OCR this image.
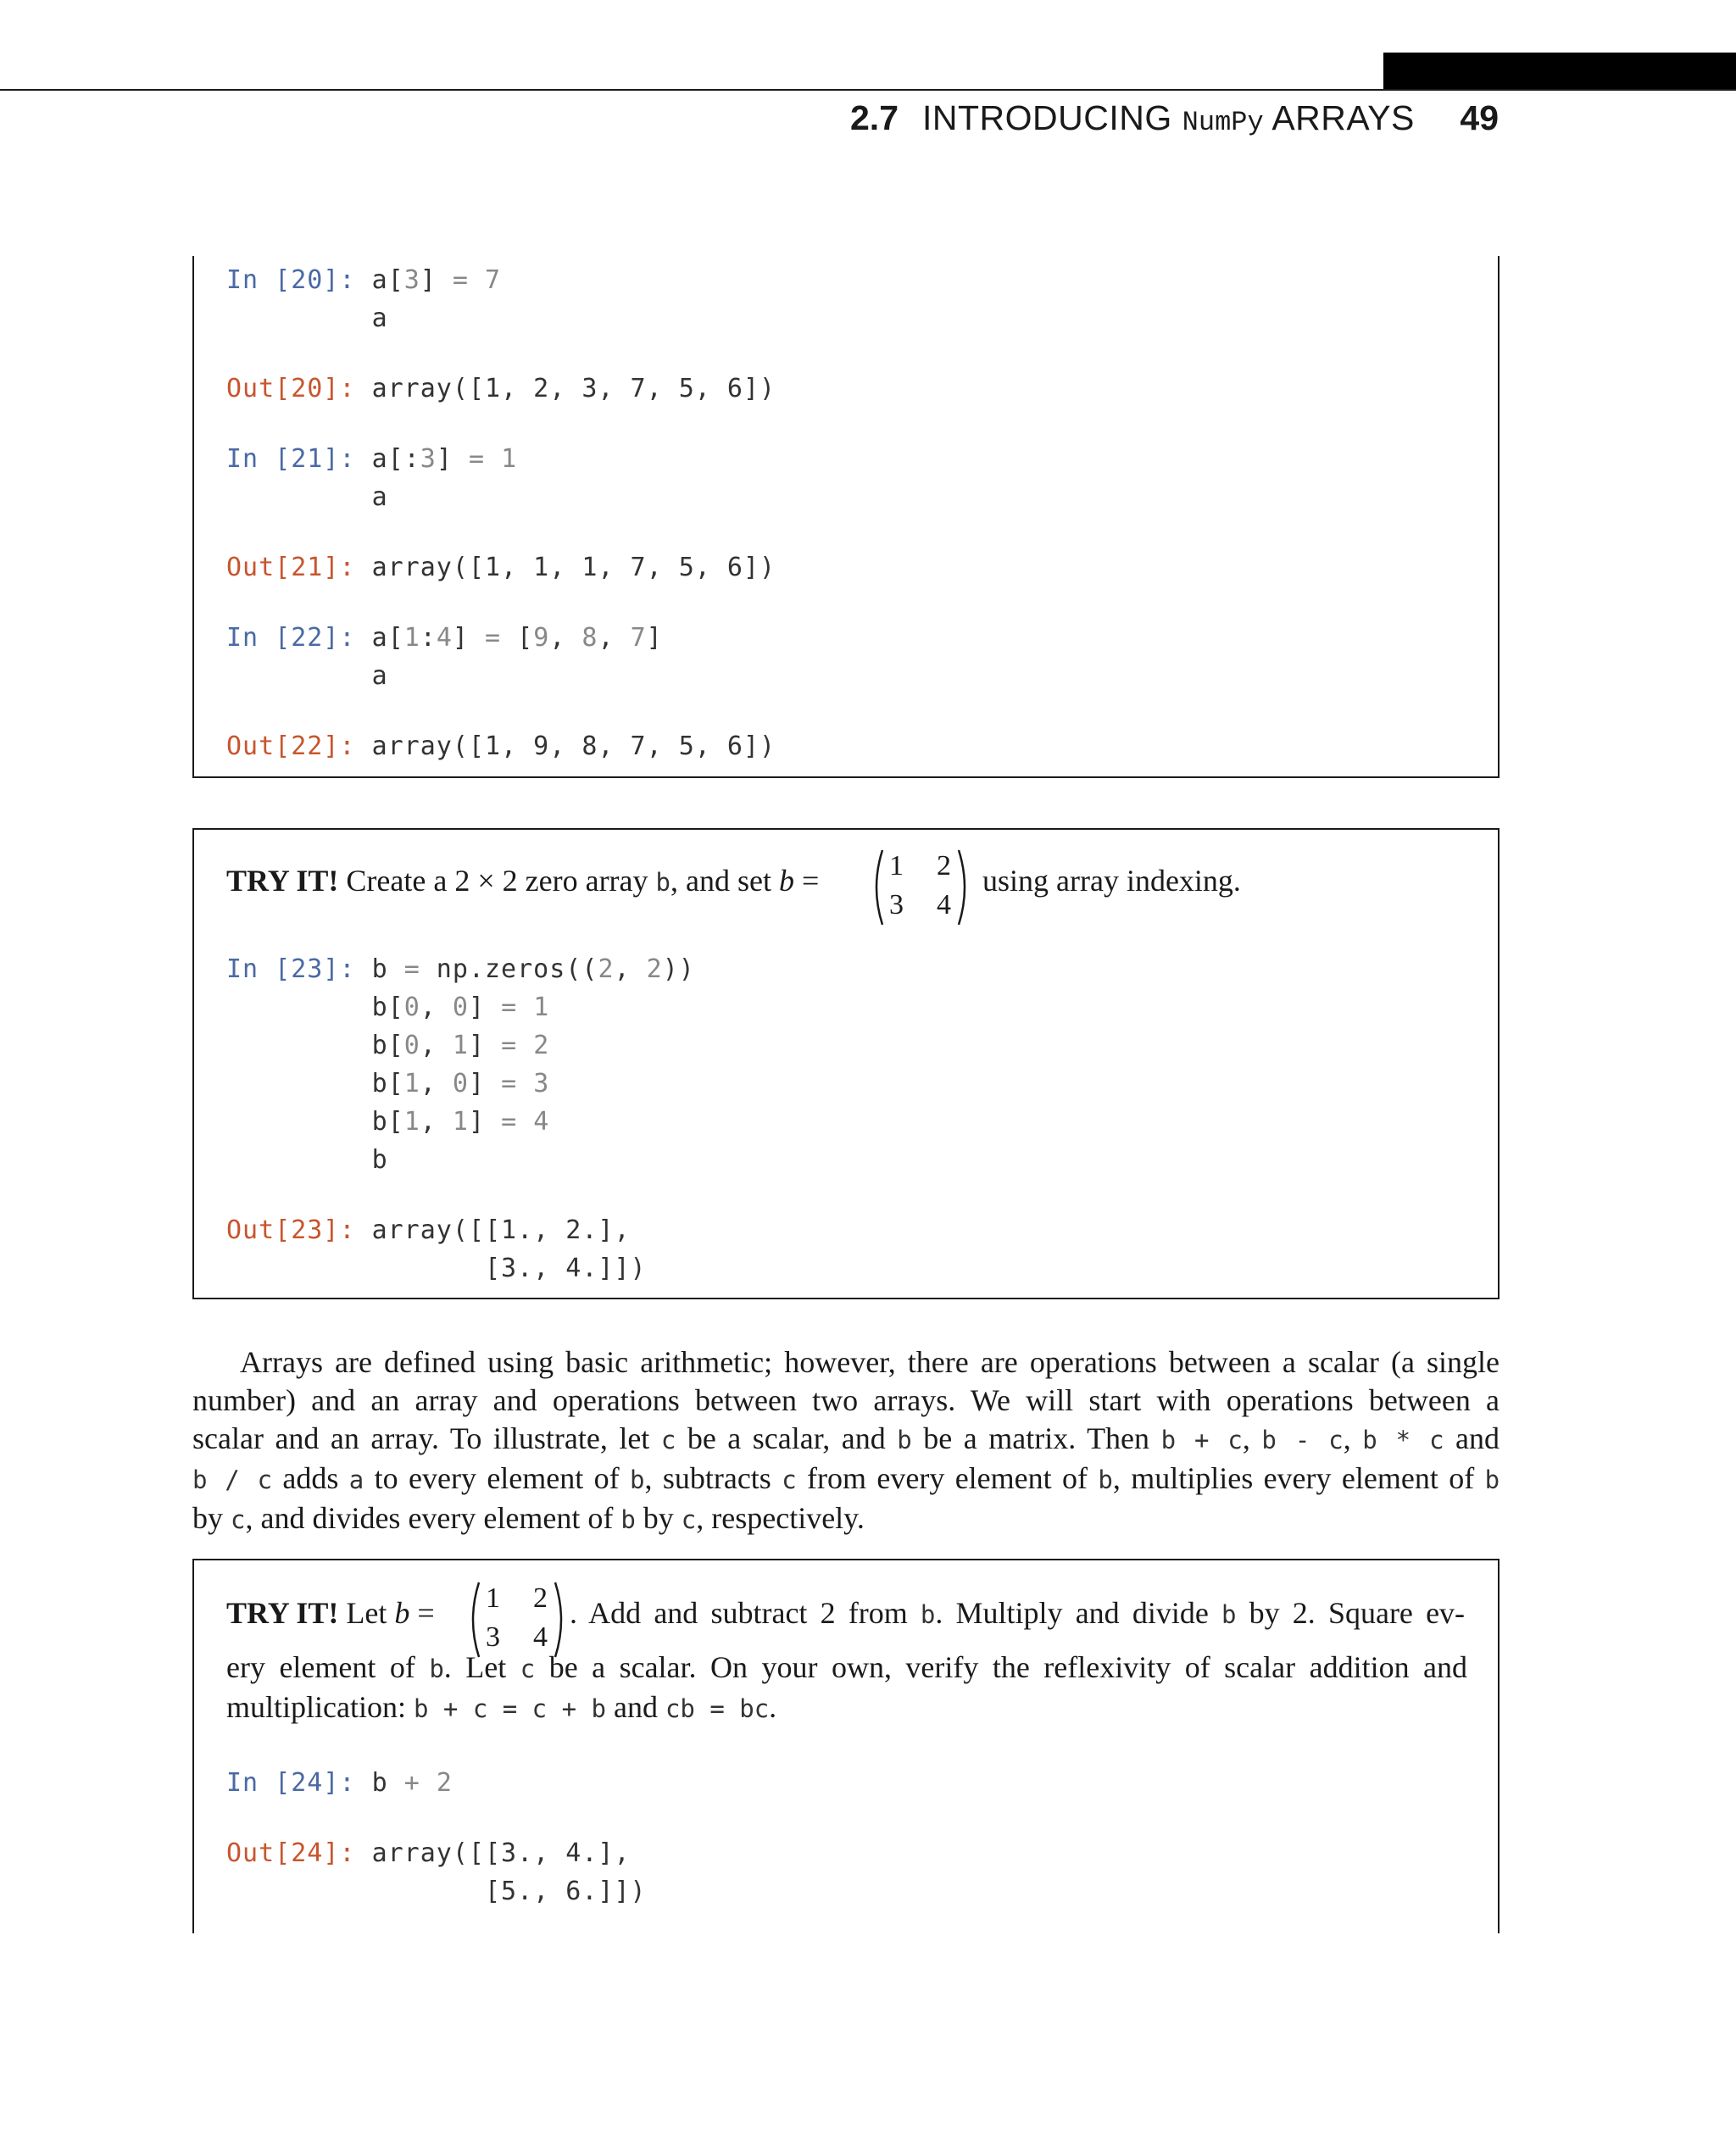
2.7 INTRODUCING NumPy ARRAYS 49
In [20]: a[3] = 7
a
Out[20]: array([1, 2, 3, 7, 5, 6])
In [21]: a[:3] = 1
a
Out[21]: array([1, 1, 1, 7, 5, 6])
In [22]: a[1:4] = [9, 8, 7]
a
Out[22]: array([1, 9, 8, 7, 5, 6])
TRY IT! Create a 2 × 2 zero array b, and set b = 1 2
3 4
using array indexing.
In [23]: b = np.zeros((2, 2))
b[0, 0] = 1
b[0, 1] = 2
b[1, 0] = 3
b[1, 1] = 4
b
Out[23]: array([[1., 2.],
[3., 4.]])
Arrays are defined using basic arithmetic; however, there are operations between a scalar (a single
number) and an array and operations between two arrays. We will start with operations between a
scalar and an array. To illustrate, let c be a scalar, and b be a matrix. Then b + c, b - c, b * c and
b / c adds a to every element of b, subtracts c from every element of b, multiplies every element of b
by c, and divides every element of b by c, respectively.
TRY IT! Let b = 1 2
3 4
. Add and subtract 2 from b. Multiply and divide b by 2. Square ev-
ery element of b. Let c be a scalar. On your own, verify the reflexivity of scalar addition and
multiplication: b + c = c + b and cb = bc.
In [24]: b + 2
Out[24]: array([[3., 4.],
[5., 6.]])
